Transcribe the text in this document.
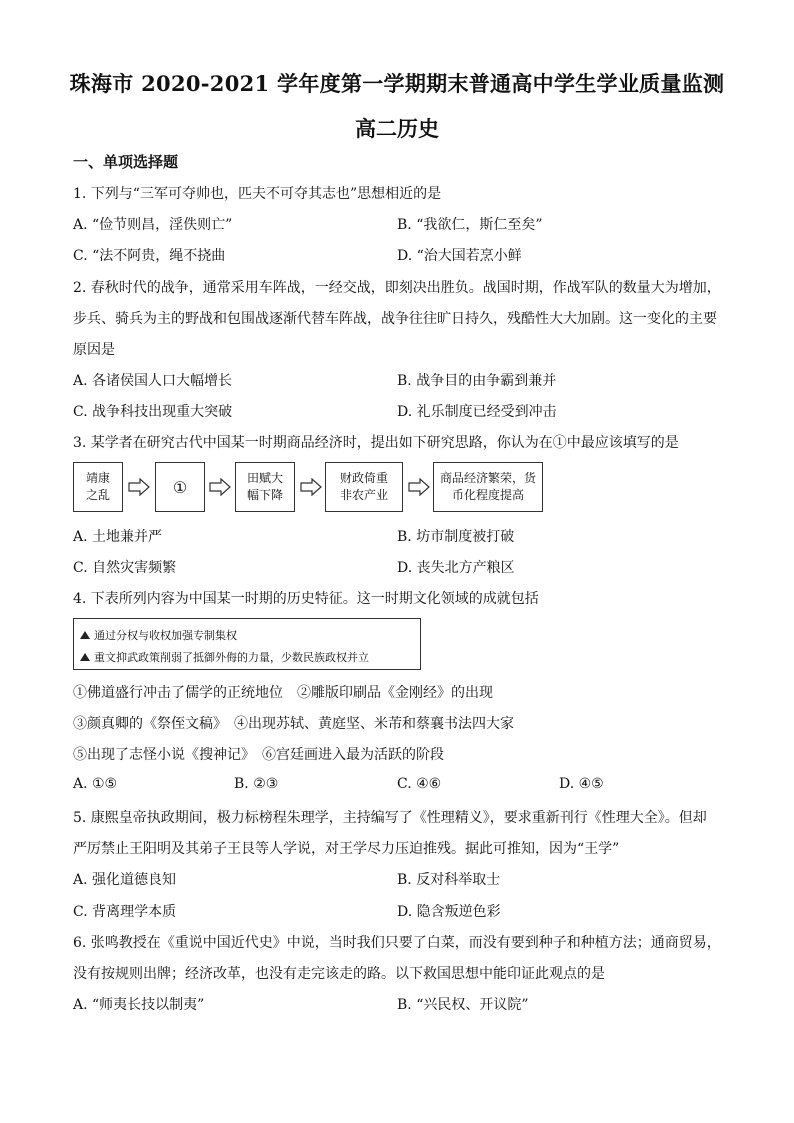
珠海市 2020-2021 学年度第一学期期末普通高中学生学业质量监测
高二历史
一、单项选择题
1. 下列与“三军可夺帅也，匹夫不可夺其志也”思想相近的是
A. “俭节则昌，淫佚则亡”	B. “我欲仁，斯仁至矣”
C. “法不阿贵，绳不挠曲	D. “治大国若烹小鲜
2. 春秋时代的战争，通常采用车阵战，一经交战，即刻决出胜负。战国时期，作战军队的数量大为增加，
步兵、骑兵为主的野战和包围战逐渐代替车阵战，战争往往旷日持久，残酷性大大加剧。这一变化的主要
原因是
A. 各诸侯国人口大幅增长	B. 战争目的由争霸到兼并
C. 战争科技出现重大突破	D. 礼乐制度已经受到冲击
3. 某学者在研究古代中国某一时期商品经济时，提出如下研究思路，你认为在①中最应该填写的是
靖康
之乱	①	田赋大
幅下降
财政倚重
非农产业
商品经济繁荣，货
币化程度提高
A. 土地兼并严	B. 坊市制度被打破
C. 自然灾害频繁	D. 丧失北方产粮区
4. 下表所列内容为中国某一时期的历史特征。这一时期文化领域的成就包括
通过分权与收权加强专制集权
重文抑武政策削弱了抵御外侮的力量，少数民族政权并立
①佛道盛行冲击了儒学的正统地位　②雕版印刷品《金刚经》的出现
③颜真卿的《祭侄文稿》　④出现苏轼、黄庭坚、米芾和蔡襄书法四大家
⑤出现了志怪小说《搜神记》　⑥宫廷画进入最为活跃的阶段
A. ①⑤	B. ②③	C. ④⑥	D. ④⑤
5. 康熙皇帝执政期间，极力标榜程朱理学，主持编写了《性理精义》，要求重新刊行《性理大全》。但却
严厉禁止王阳明及其弟子王艮等人学说，对王学尽力压迫推残。据此可推知，因为“王学”
A. 强化道德良知	B. 反对科举取士
C. 背离理学本质	D. 隐含叛逆色彩
6. 张鸣教授在《重说中国近代史》中说，当时我们只要了白菜，而没有要到种子和种植方法；通商贸易，
没有按规则出牌；经济改革，也没有走完该走的路。以下救国思想中能印证此观点的是
A. “师夷长技以制夷”	B. “兴民权、开议院”
